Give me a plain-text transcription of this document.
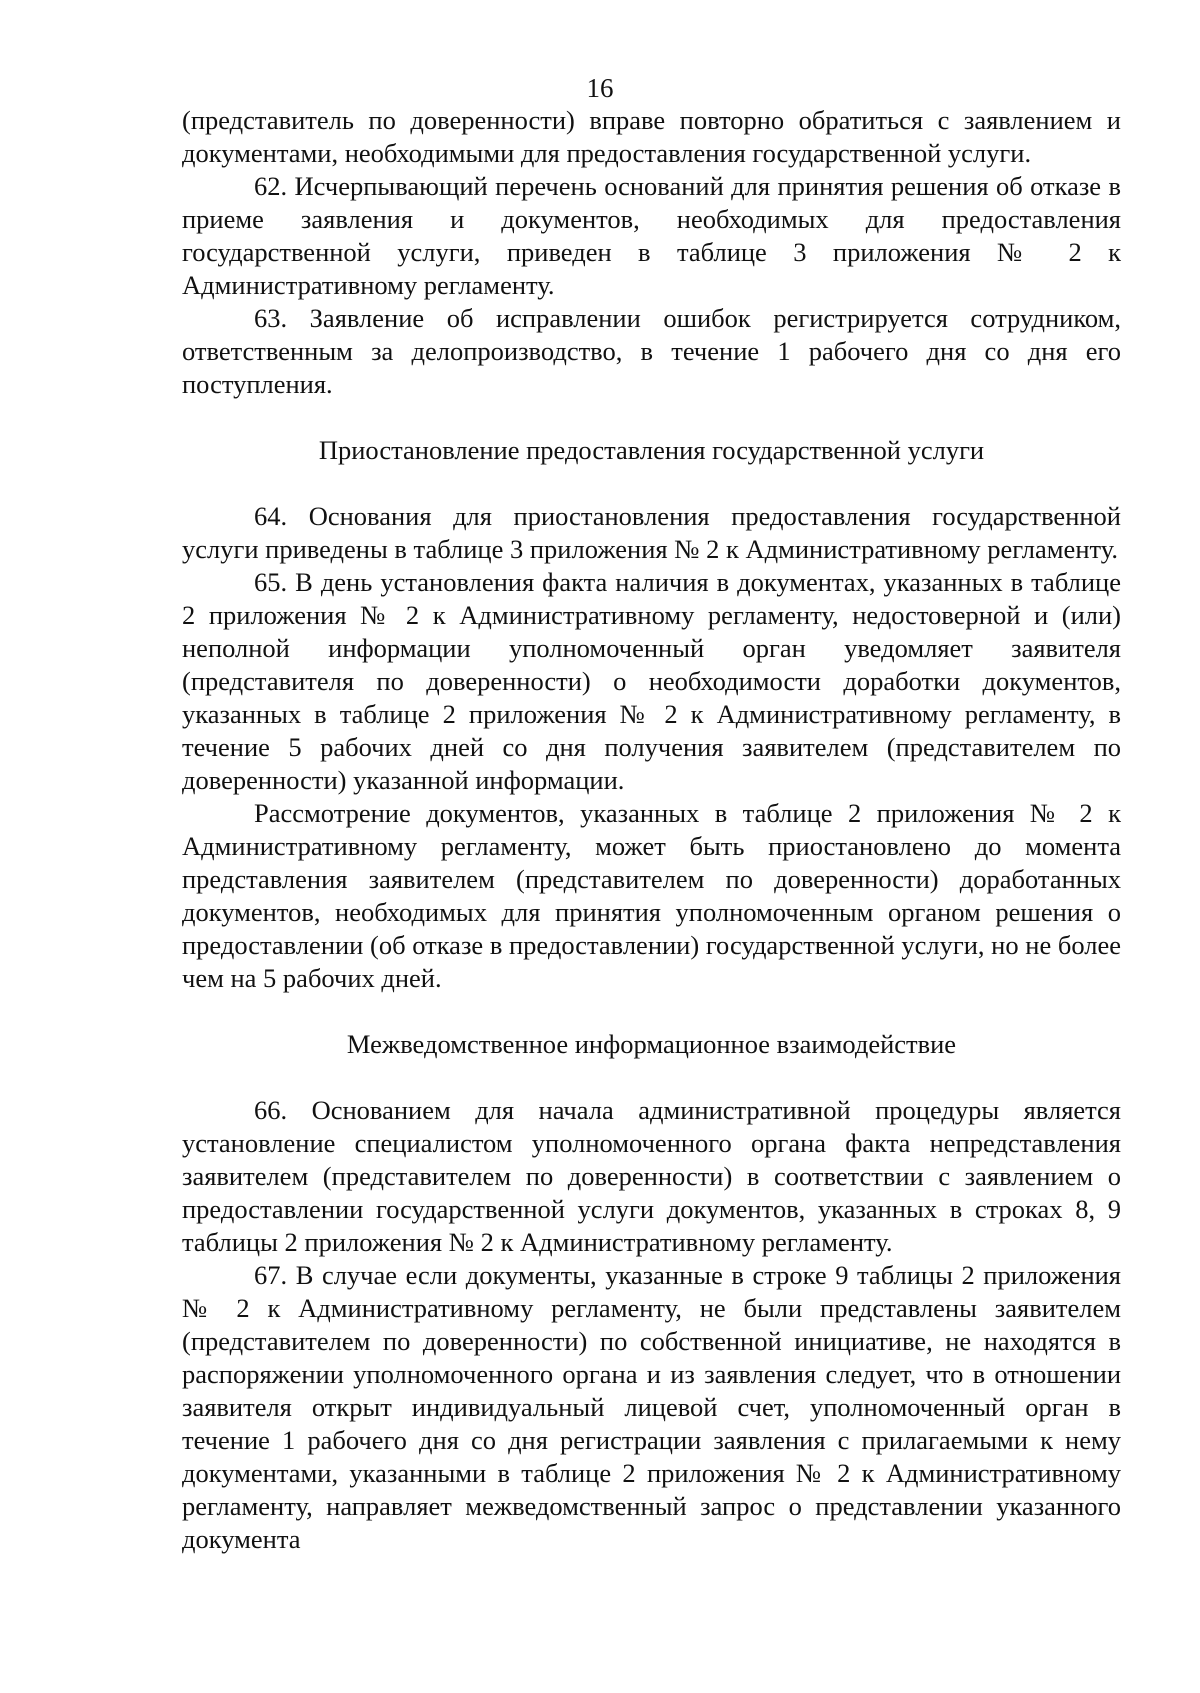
16

(представитель по доверенности) вправе повторно обратиться с заявлением и документами, необходимыми для предоставления государственной услуги.

62. Исчерпывающий перечень оснований для принятия решения об отказе в приеме заявления и документов, необходимых для предоставления государственной услуги, приведен в таблице 3 приложения № 2 к Административному регламенту.

63. Заявление об исправлении ошибок регистрируется сотрудником, ответственным за делопроизводство, в течение 1 рабочего дня со дня его поступления.

Приостановление предоставления государственной услуги

64. Основания для приостановления предоставления государственной услуги приведены в таблице 3 приложения № 2 к Административному регламенту.

65. В день установления факта наличия в документах, указанных в таблице 2 приложения № 2 к Административному регламенту, недостоверной и (или) неполной информации уполномоченный орган уведомляет заявителя (представителя по доверенности) о необходимости доработки документов, указанных в таблице 2 приложения № 2 к Административному регламенту, в течение 5 рабочих дней со дня получения заявителем (представителем по доверенности) указанной информации.

Рассмотрение документов, указанных в таблице 2 приложения № 2 к Административному регламенту, может быть приостановлено до момента представления заявителем (представителем по доверенности) доработанных документов, необходимых для принятия уполномоченным органом решения о предоставлении (об отказе в предоставлении) государственной услуги, но не более чем на 5 рабочих дней.

Межведомственное информационное взаимодействие

66. Основанием для начала административной процедуры является установление специалистом уполномоченного органа факта непредставления заявителем (представителем по доверенности) в соответствии с заявлением о предоставлении государственной услуги документов, указанных в строках 8, 9 таблицы 2 приложения № 2 к Административному регламенту.

67. В случае если документы, указанные в строке 9 таблицы 2 приложения № 2 к Административному регламенту, не были представлены заявителем (представителем по доверенности) по собственной инициативе, не находятся в распоряжении уполномоченного органа и из заявления следует, что в отношении заявителя открыт индивидуальный лицевой счет, уполномоченный орган в течение 1 рабочего дня со дня регистрации заявления с прилагаемыми к нему документами, указанными в таблице 2 приложения № 2 к Административному регламенту, направляет межведомственный запрос о представлении указанного документа
